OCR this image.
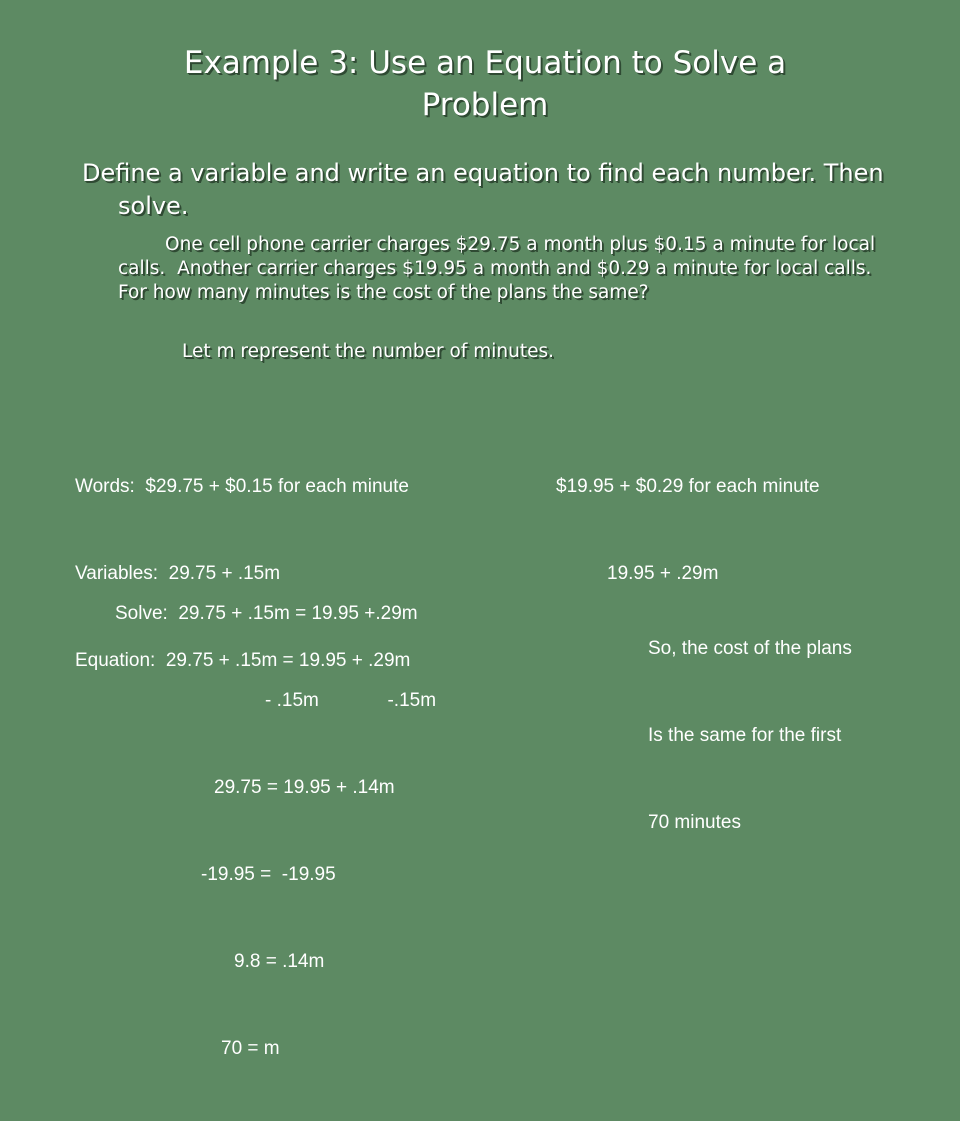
Example 3: Use an Equation to Solve a
Problem
Define a variable and write an equation to find each number. Then solve.
One cell phone carrier charges $29.75 a month plus $0.15 a minute for local calls.  Another carrier charges $19.95 a month and $0.29 a minute for local calls.  For how many minutes is the cost of the plans the same?
Let m represent the number of minutes.

Words:  $29.75 + $0.15 for each minute

Variables:  29.75 + .15m

Equation:  29.75 + .15m = 19.95 + .29m

$19.95 + $0.29 for each minute

19.95 + .29m

Solve:  29.75 + .15m = 19.95 +.29m

- .15m             -.15m

29.75 = 19.95 + .14m

-19.95 =  -19.95

9.8 = .14m

70 = m

So, the cost of the plans

Is the same for the first

70 minutes
